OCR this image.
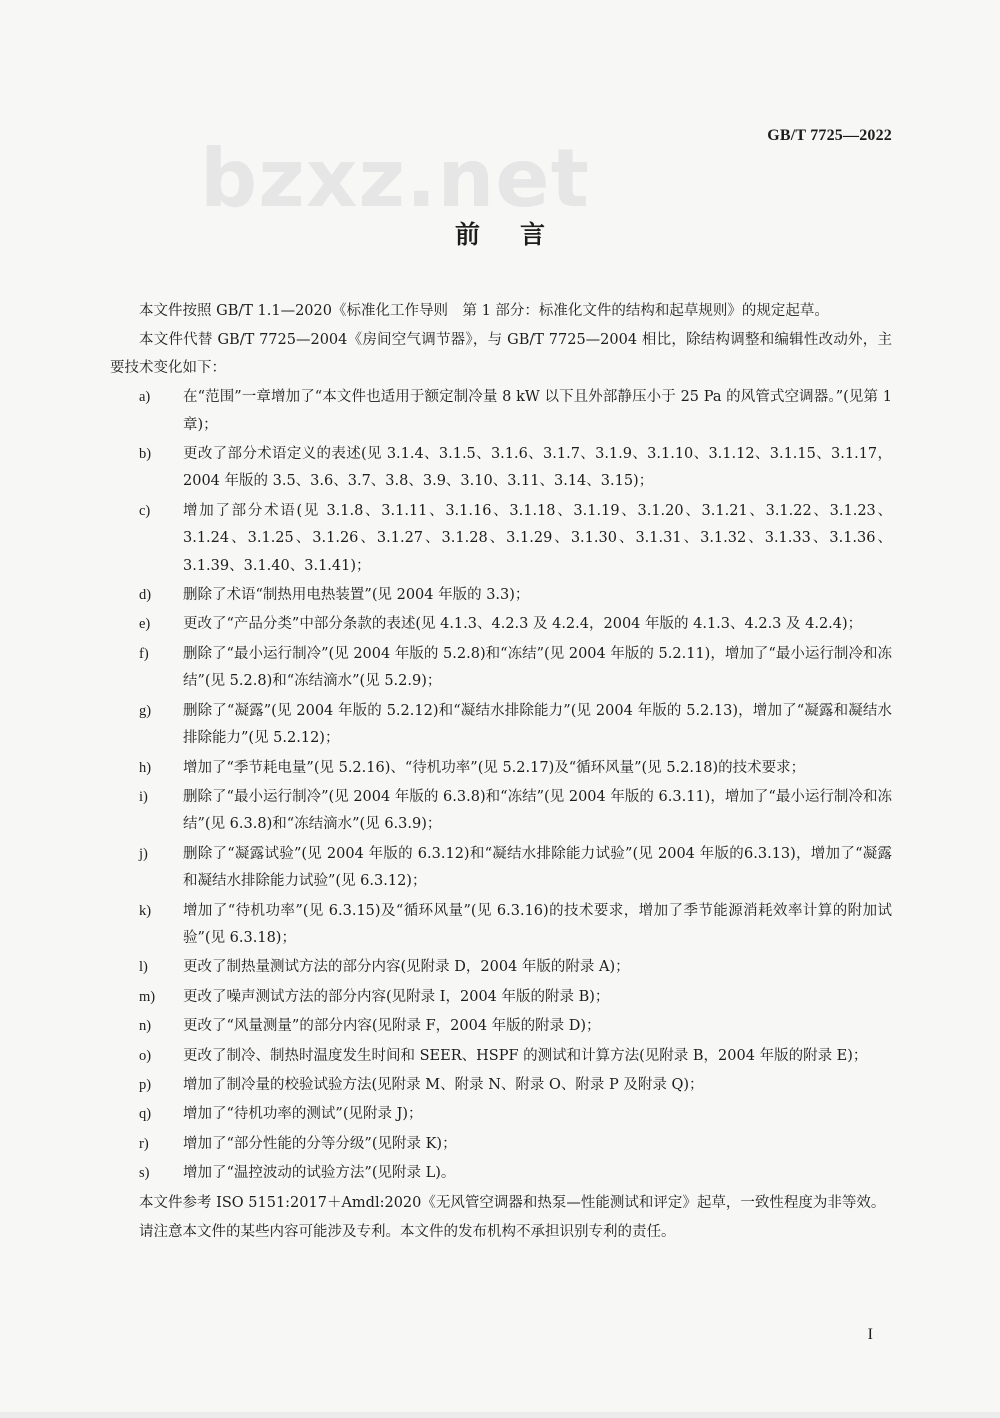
bzxz.net	GB/T 7725—2022
前言

本文件按照 GB/T 1.1—2020《标准化工作导则　第 1 部分：标准化文件的结构和起草规则》的规定起草。

本文件代替 GB/T 7725—2004《房间空气调节器》，与 GB/T 7725—2004 相比，除结构调整和编辑性改动外，主要技术变化如下：

a)	在“范围”一章增加了“本文件也适用于额定制冷量 8 kW 以下且外部静压小于 25 Pa 的风管式空调器。”(见第 1 章)；
b)	更改了部分术语定义的表述(见 3.1.4、3.1.5、3.1.6、3.1.7、3.1.9、3.1.10、3.1.12、3.1.15、3.1.17，2004 年版的 3.5、3.6、3.7、3.8、3.9、3.10、3.11、3.14、3.15)；
c)	增加了部分术语(见 3.1.8、3.1.11、3.1.16、3.1.18、3.1.19、3.1.20、3.1.21、3.1.22、3.1.23、3.1.24、3.1.25、3.1.26、3.1.27、3.1.28、3.1.29、3.1.30、3.1.31、3.1.32、3.1.33、3.1.36、3.1.39、3.1.40、3.1.41)；
d)	删除了术语“制热用电热装置”(见 2004 年版的 3.3)；
e)	更改了“产品分类”中部分条款的表述(见 4.1.3、4.2.3 及 4.2.4，2004 年版的 4.1.3、4.2.3 及 4.2.4)；
f)	删除了“最小运行制冷”(见 2004 年版的 5.2.8)和“冻结”(见 2004 年版的 5.2.11)，增加了“最小运行制冷和冻结”(见 5.2.8)和“冻结滴水”(见 5.2.9)；
g)	删除了“凝露”(见 2004 年版的 5.2.12)和“凝结水排除能力”(见 2004 年版的 5.2.13)，增加了“凝露和凝结水排除能力”(见 5.2.12)；
h)	增加了“季节耗电量”(见 5.2.16)、“待机功率”(见 5.2.17)及“循环风量”(见 5.2.18)的技术要求；
i)	删除了“最小运行制冷”(见 2004 年版的 6.3.8)和“冻结”(见 2004 年版的 6.3.11)，增加了“最小运行制冷和冻结”(见 6.3.8)和“冻结滴水”(见 6.3.9)；
j)	删除了“凝露试验”(见 2004 年版的 6.3.12)和“凝结水排除能力试验”(见 2004 年版的6.3.13)，增加了“凝露和凝结水排除能力试验”(见 6.3.12)；
k)	增加了“待机功率”(见 6.3.15)及“循环风量”(见 6.3.16)的技术要求，增加了季节能源消耗效率计算的附加试验”(见 6.3.18)；
l)	更改了制热量测试方法的部分内容(见附录 D，2004 年版的附录 A)；
m)	更改了噪声测试方法的部分内容(见附录 I，2004 年版的附录 B)；
n)	更改了“风量测量”的部分内容(见附录 F，2004 年版的附录 D)；
o)	更改了制冷、制热时温度发生时间和 SEER、HSPF 的测试和计算方法(见附录 B，2004 年版的附录 E)；
p)	增加了制冷量的校验试验方法(见附录 M、附录 N、附录 O、附录 P 及附录 Q)；
q)	增加了“待机功率的测试”(见附录 J)；
r)	增加了“部分性能的分等分级”(见附录 K)；
s)	增加了“温控波动的试验方法”(见附录 L)。

本文件参考 ISO 5151:2017＋Amdl:2020《无风管空调器和热泵—性能测试和评定》起草，一致性程度为非等效。

请注意本文件的某些内容可能涉及专利。本文件的发布机构不承担识别专利的责任。

I
